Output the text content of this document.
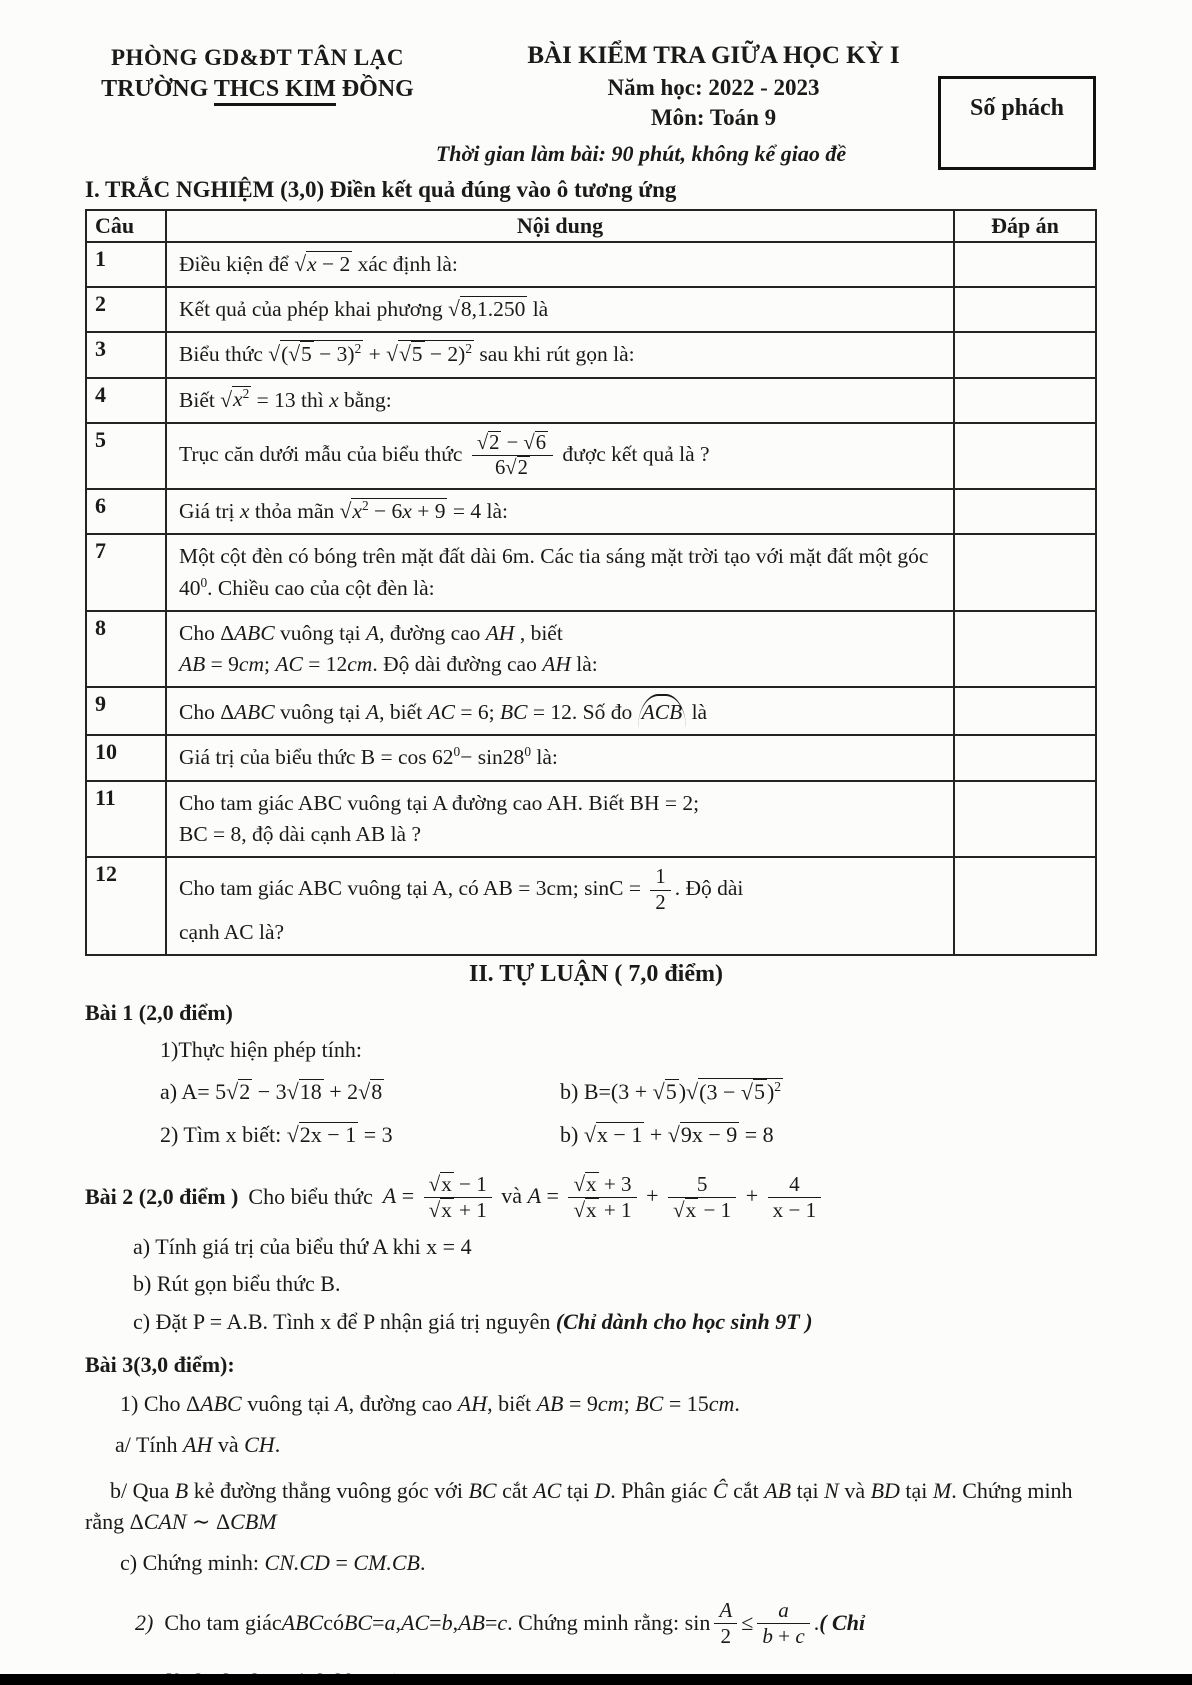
PHÒNG GD&ĐT TÂN LẠC
TRƯỜNG THCS KIM ĐỒNG
BÀI KIỂM TRA GIỮA HỌC KỲ I
Năm học: 2022 - 2023
Môn: Toán 9
Thời gian làm bài: 90 phút, không kể giao đề
I. TRẮC NGHIỆM (3,0) Điền kết quả đúng vào ô tương ứng
Câu	Nội dung	Đáp án
1	Điều kiện để √x − 2 xác định là:	
2	Kết quả của phép khai phương √8,1.250 là	
3	Biểu thức $√(√5 - 3)^2 + √√5 - 2)^2$ sau khi rút gọn là:	
4	Biết $√x^2 = 13$ thì x bằng:	
5	Trục căn dưới mẫu của biểu thức $\frac{√2 - √6}{6√2}$ được kết quả là ?	
6	Giá trị x thỏa mãn $√x^2 - 6x + 9 = 4$ là:	
7	Một cột đèn có bóng trên mặt đất dài 6m. Các tia sáng mặt trời tạo với mặt đất một góc $40^0$. Chiều cao của cột đèn là:	
8	Cho ΔABC vuông tại A, đường cao AH , biết
AB = 9cm; AC = 12cm. Độ dài đường cao AH là:	
9	Cho ΔABC vuông tại A, biết AC = 6; BC = 12. Số đo ACB là	
10	Giá trị của biểu thức $B = \cos 62^0- \sin 28^0$ là:	
11	Cho tam giác ABC vuông tại A đường cao AH. Biết BH = 2;
BC = 8, độ dài cạnh AB là ?	
12	Cho tam giác ABC vuông tại A, có AB = 3cm; $\sin C = \frac{1}{2}$ . Độ dài
cạnh AC là?	
II. TỰ LUẬN ( 7,0 điểm)
Bài 1 (2,0 điểm)
1)Thực hiện phép tính:
a) A= 5√2 − 3√18 + 2√8	b) $B=(3 + √5)√(3 - √5)^2$
2) Tìm x biết: √2x − 1 = 3	b) √x − 1 + √9x − 9 = 8
Bài 2 (2,0 điểm ) Cho biểu thức $A = \frac{√x - 1}{√x + 1}$ và $A = \frac{√x + 3}{√x + 1} + \frac{5}{√x - 1} + \frac{4}{x - 1}$
a) Tính giá trị của biểu thứ A khi x = 4
b) Rút gọn biểu thức B.
c) Đặt P = A.B. Tình x để P nhận giá trị nguyên (Chỉ dành cho học sinh 9T )
Bài 3(3,0 điểm):
1) Cho ΔABC vuông tại A, đường cao AH, biết AB = 9cm; BC = 15cm.
a/ Tính AH và CH.
b/ Qua B kẻ đường thẳng vuông góc với BC cắt AC tại D. Phân giác Ĉ cắt AB tại N và BD tại M. Chứng minh rằng ΔCAN ∼ ΔCBM
c) Chứng minh: CN.CD = CM.CB.
2) Cho tam giác ABC có BC = a , AC = b , AB = c . Chứng minh rằng: sin
A
2
≤
a
b + c
. ( Chỉ
Số phách
